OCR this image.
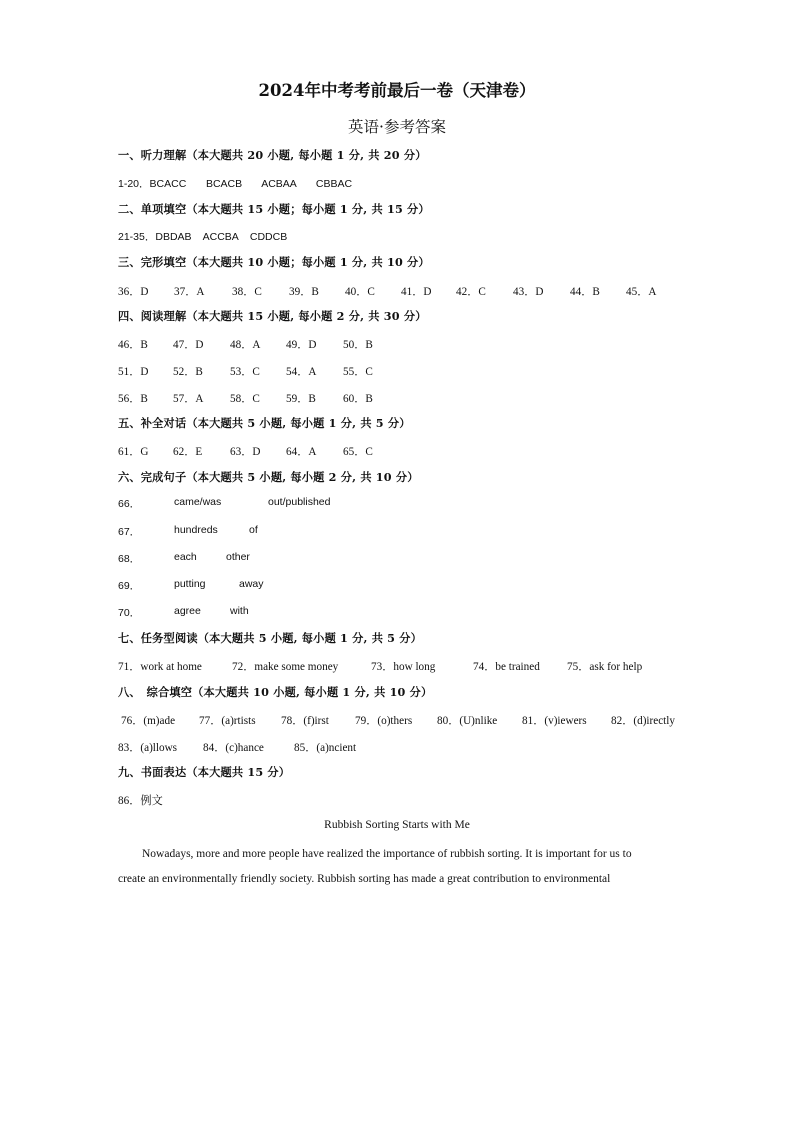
2024年中考考前最后一卷（天津卷）
英语·参考答案
一、听力理解（本大题共 20 小题, 每小题 1 分, 共 20 分）
1-20．BCACC    BCACB    ACBAA    CBBAC
二、单项填空（本大题共 15 小题；每小题 1 分, 共 15 分）
21-35．DBDAB    ACCBA    CDDCB
三、完形填空（本大题共 10 小题；每小题 1 分, 共 10 分）
36．D 37．A 38．C 39．B 40．C 41．D 42．C 43．D 44．B 45．A
四、阅读理解（本大题共 15 小题, 每小题 2 分, 共 30 分）
46．B 47．D 48．A 49．D 50．B
51．D 52．B 53．C 54．A 55．C
56．B 57．A 58．C 59．B 60．B
五、补全对话（本大题共 5 小题, 每小题 1 分, 共 5 分）
61．G 62．E 63．D 64．A 65．C
六、完成句子（本大题共 5 小题, 每小题 2 分, 共 10 分）
66．	came/was	out/published
67．	hundreds	of
68．	each	other
69．	putting	away
70．	agree	with
七、任务型阅读（本大题共 5 小题, 每小题 1 分, 共 5 分）
71．work at home	72．make some money	73．how long	74．be trained 75．ask for help
八、　综合填空（本大题共 10 小题, 每小题 1 分, 共 10 分）
76．(m)ade 77．(a)rtists 78．(f)irst 79．(o)thers 80．(U)nlike 81．(v)iewers 82．(d)irectly
83．(a)llows 84．(c)hance	85．(a)ncient
九、书面表达（本大题共 15 分）
86．例文
Rubbish Sorting Starts with Me
Nowadays, more and more people have realized the importance of rubbish sorting. It is important for us to
create an environmentally friendly society. Rubbish sorting has made a great contribution to environmental
